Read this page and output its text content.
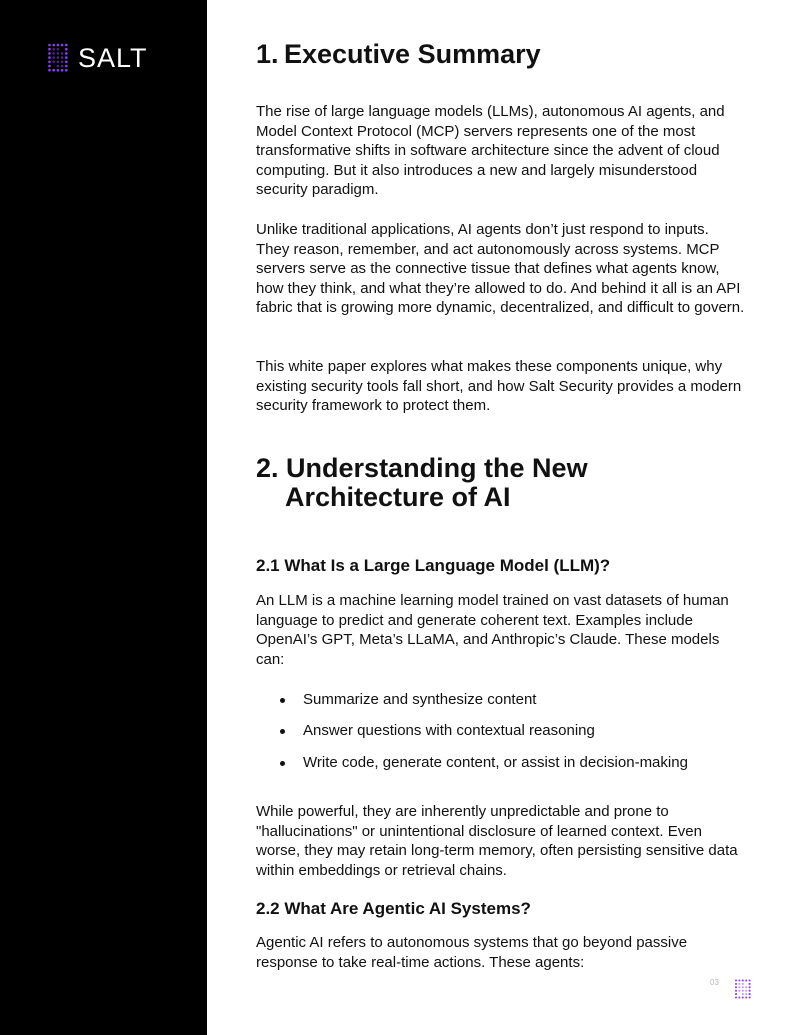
SALT	1. Executive Summary

The rise of large language models (LLMs), autonomous AI agents, and Model Context Protocol (MCP) servers represents one of the most transformative shifts in software architecture since the advent of cloud computing. But it also introduces a new and largely misunderstood security paradigm.

Unlike traditional applications, AI agents don’t just respond to inputs. They reason, remember, and act autonomously across systems. MCP servers serve as the connective tissue that defines what agents know, how they think, and what they’re allowed to do. And behind it all is an API fabric that is growing more dynamic, decentralized, and difficult to govern.

This white paper explores what makes these components unique, why existing security tools fall short, and how Salt Security provides a modern security framework to protect them.

2. Understanding the New
Architecture of AI
2.1 What Is a Large Language Model (LLM)?

An LLM is a machine learning model trained on vast datasets of human language to predict and generate coherent text. Examples include OpenAI’s GPT, Meta’s LLaMA, and Anthropic’s Claude. These models can:

Summarize and synthesize content
Answer questions with contextual reasoning
Write code, generate content, or assist in decision-making

While powerful, they are inherently unpredictable and prone to "hallucinations" or unintentional disclosure of learned context. Even worse, they may retain long-term memory, often persisting sensitive data within embeddings or retrieval chains.

2.2 What Are Agentic AI Systems?

Agentic AI refers to autonomous systems that go beyond passive response to take real-time actions. These agents:

03
